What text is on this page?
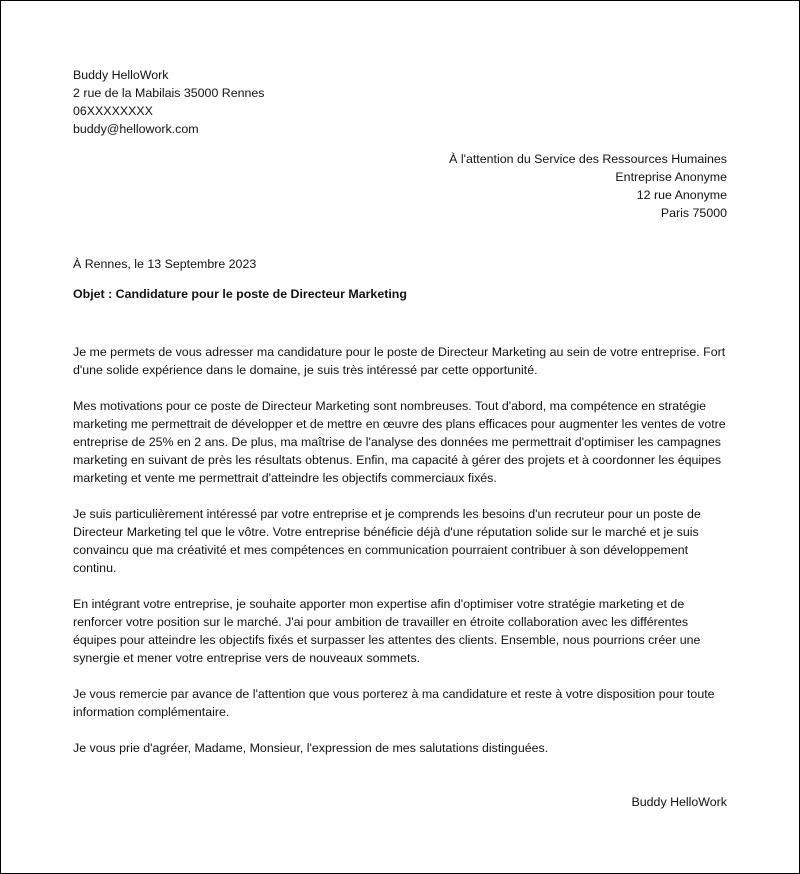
Buddy HelloWork
2 rue de la Mabilais 35000 Rennes
06XXXXXXXX
buddy@hellowork.com
À l'attention du Service des Ressources Humaines
Entreprise Anonyme
12 rue Anonyme
Paris 75000
À Rennes, le 13 Septembre 2023
Objet : Candidature pour le poste de Directeur Marketing

Je me permets de vous adresser ma candidature pour le poste de Directeur Marketing au sein de votre entreprise. Fort d'une solide expérience dans le domaine, je suis très intéressé par cette opportunité.

Mes motivations pour ce poste de Directeur Marketing sont nombreuses. Tout d'abord, ma compétence en stratégie marketing me permettrait de développer et de mettre en œuvre des plans efficaces pour augmenter les ventes de votre entreprise de 25% en 2 ans. De plus, ma maîtrise de l'analyse des données me permettrait d'optimiser les campagnes marketing en suivant de près les résultats obtenus. Enfin, ma capacité à gérer des projets et à coordonner les équipes marketing et vente me permettrait d'atteindre les objectifs commerciaux fixés.

Je suis particulièrement intéressé par votre entreprise et je comprends les besoins d'un recruteur pour un poste de Directeur Marketing tel que le vôtre. Votre entreprise bénéficie déjà d'une réputation solide sur le marché et je suis convaincu que ma créativité et mes compétences en communication pourraient contribuer à son développement continu.

En intégrant votre entreprise, je souhaite apporter mon expertise afin d'optimiser votre stratégie marketing et de renforcer votre position sur le marché. J'ai pour ambition de travailler en étroite collaboration avec les différentes équipes pour atteindre les objectifs fixés et surpasser les attentes des clients. Ensemble, nous pourrions créer une synergie et mener votre entreprise vers de nouveaux sommets.

Je vous remercie par avance de l'attention que vous porterez à ma candidature et reste à votre disposition pour toute information complémentaire.

Je vous prie d'agréer, Madame, Monsieur, l'expression de mes salutations distinguées.

Buddy HelloWork
